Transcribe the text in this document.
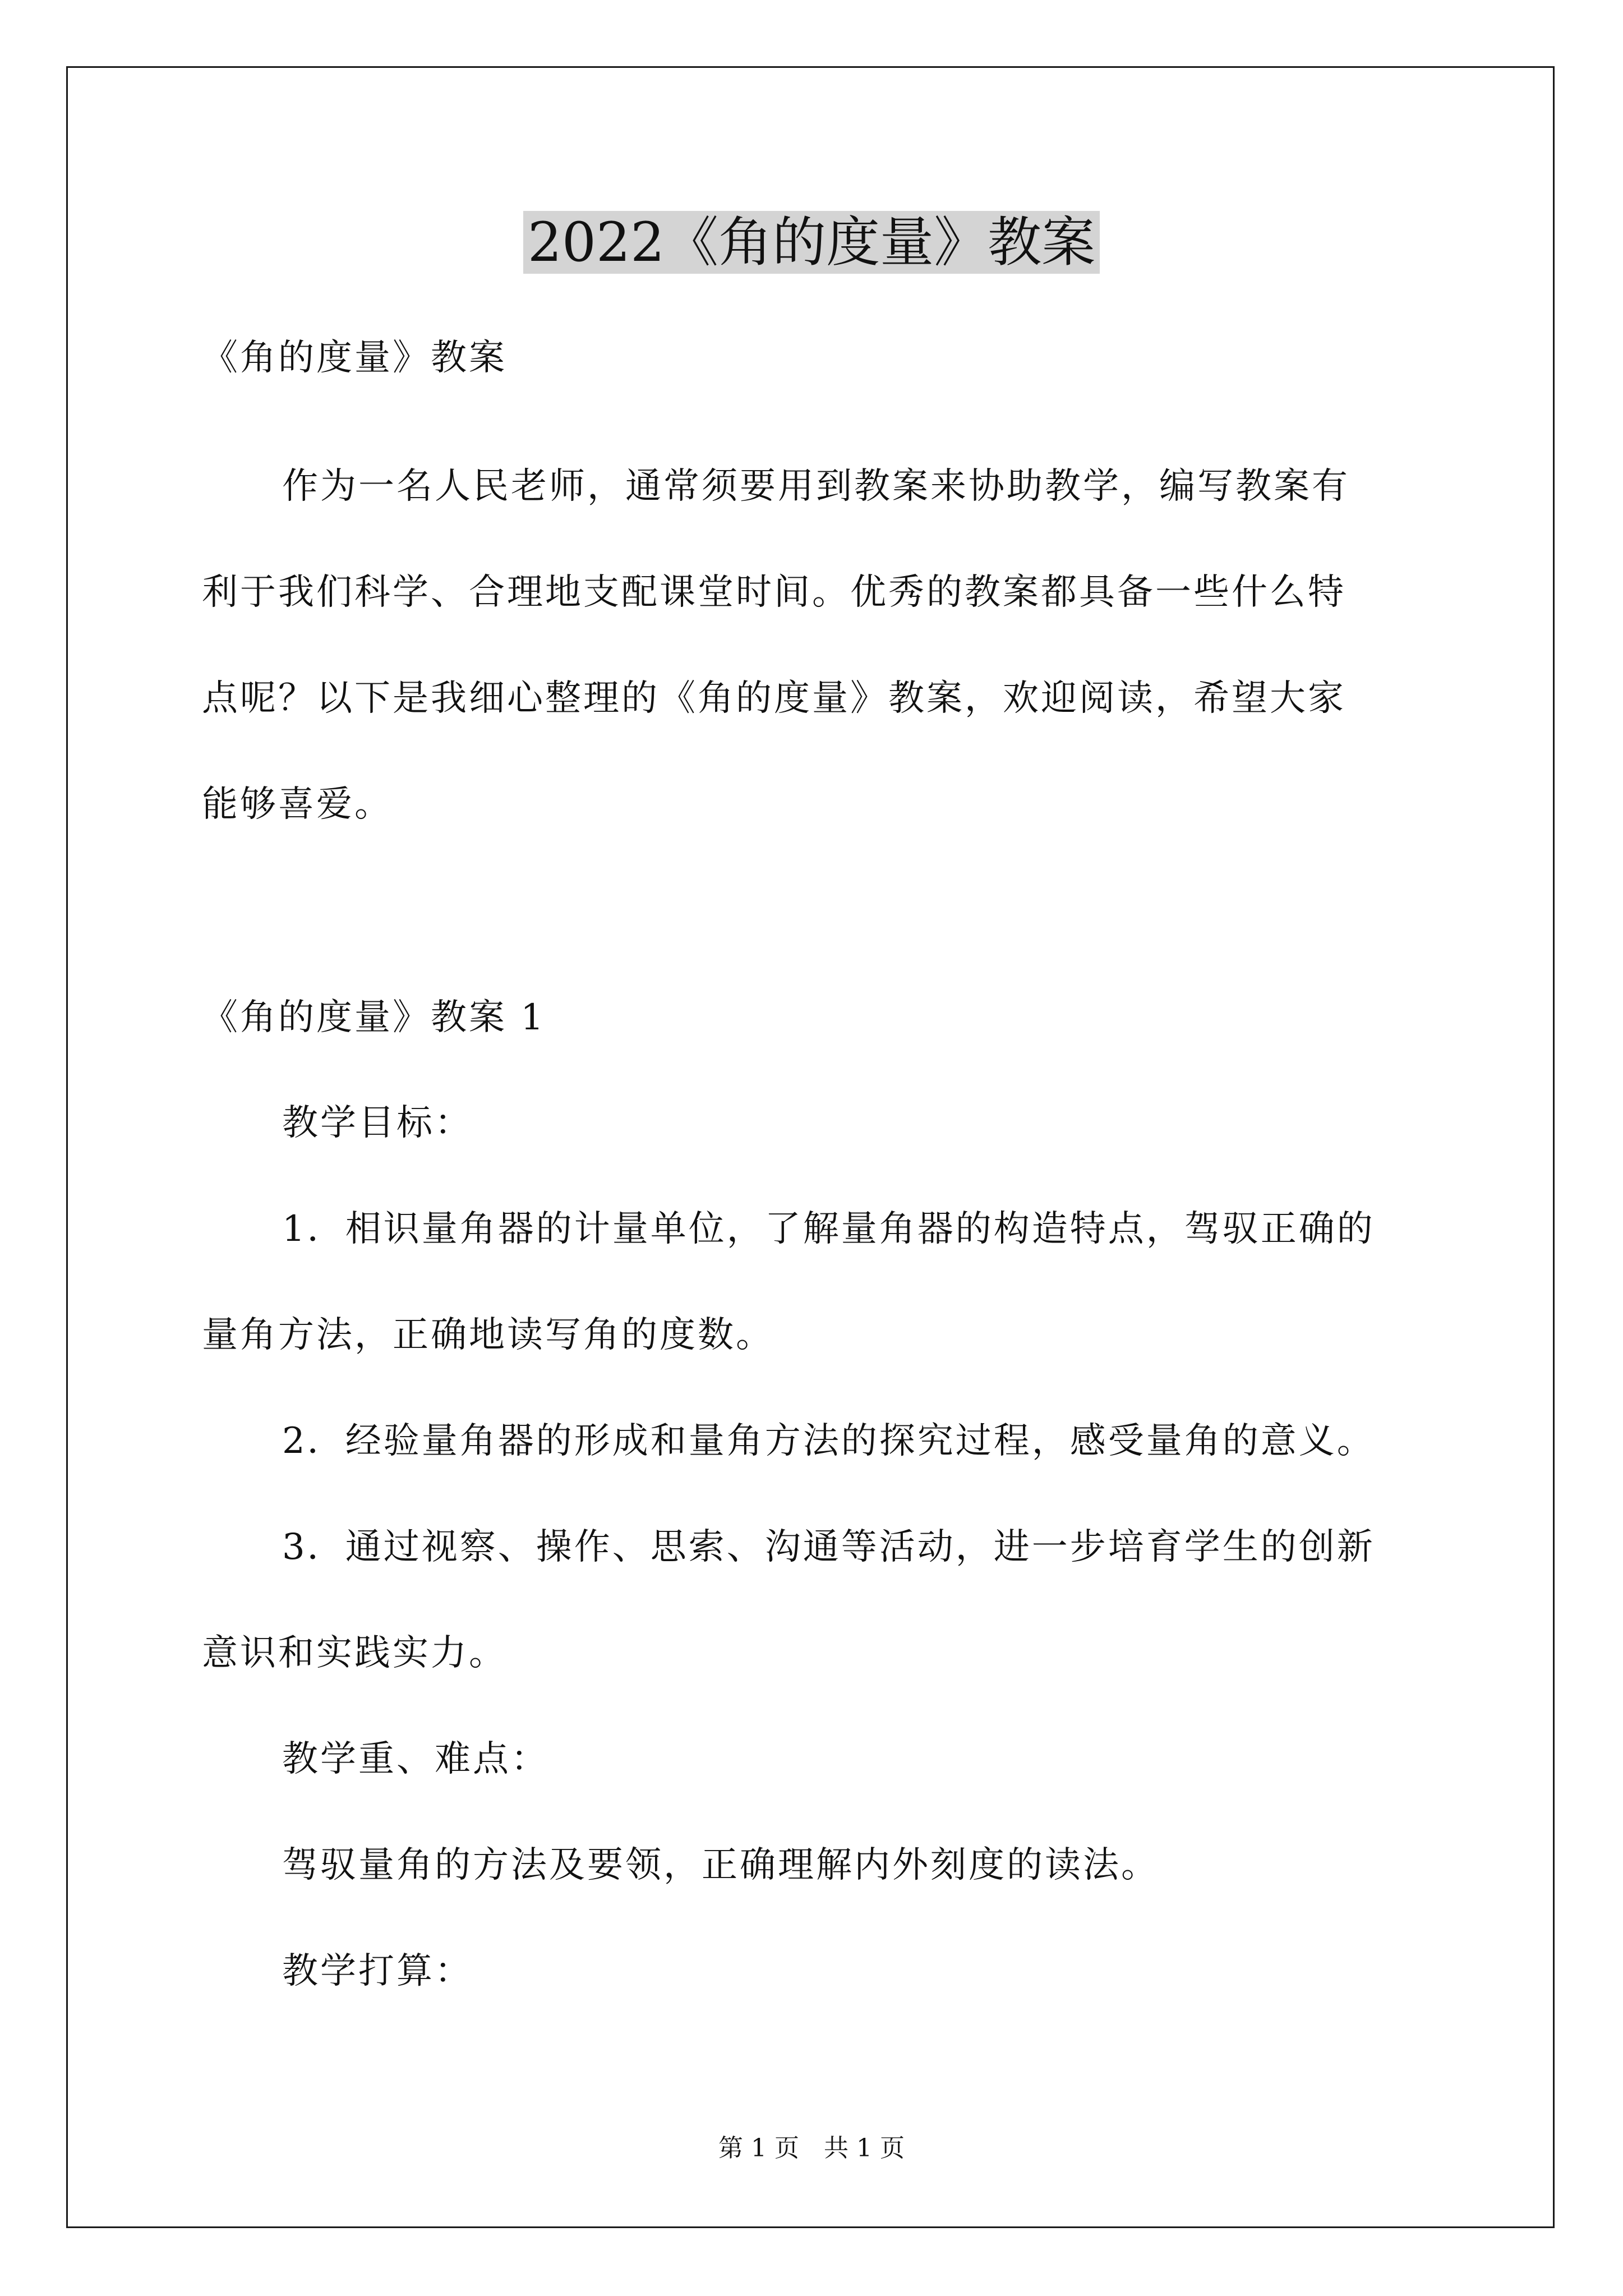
2022《角的度量》教案
《角的度量》教案
作为一名人民老师，通常须要用到教案来协助教学，编写教案有
利于我们科学、合理地支配课堂时间。优秀的教案都具备一些什么特
点呢？以下是我细心整理的《角的度量》教案，欢迎阅读，希望大家
能够喜爱。
《角的度量》教案 1
教学目标：
1．相识量角器的计量单位，了解量角器的构造特点，驾驭正确的
量角方法，正确地读写角的度数。
2．经验量角器的形成和量角方法的探究过程，感受量角的意义。
3．通过视察、操作、思索、沟通等活动，进一步培育学生的创新
意识和实践实力。
教学重、难点：
驾驭量角的方法及要领，正确理解内外刻度的读法。
教学打算：
第 1 页　共 1 页
